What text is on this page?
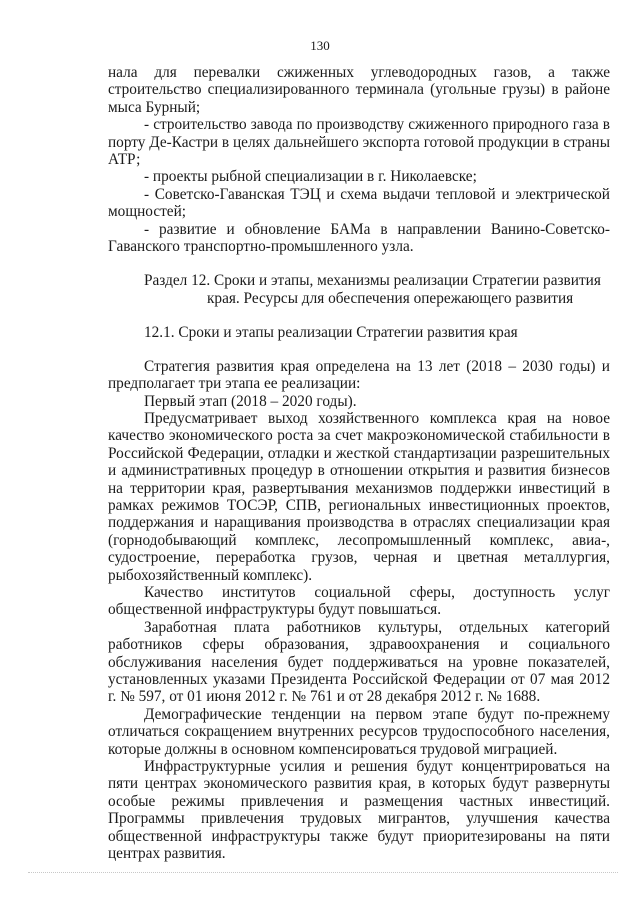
130

нала для перевалки сжиженных углеводородных газов, а также строительство специализированного терминала (угольные грузы) в районе мыса Бурный;

- строительство завода по производству сжиженного природного газа в порту Де-Кастри в целях дальнейшего экспорта готовой продукции в страны АТР;

- проекты рыбной специализации в г. Николаевске;

- Советско-Гаванская ТЭЦ и схема выдачи тепловой и электрической мощностей;

- развитие и обновление БАМа в направлении Ванино-Советско-Гаванского транспортно-промышленного узла.

Раздел 12. Сроки и этапы, механизмы реализации Стратегии развития
края. Ресурсы для обеспечения опережающего развития

12.1. Сроки и этапы реализации Стратегии развития края

Стратегия развития края определена на 13 лет (2018 – 2030 годы) и предполагает три этапа ее реализации:

Первый этап (2018 – 2020 годы).

Предусматривает выход хозяйственного комплекса края на новое качество экономического роста за счет макроэкономической стабильности в Российской Федерации, отладки и жесткой стандартизации разрешительных и административных процедур в отношении открытия и развития бизнесов на территории края, развертывания механизмов поддержки инвестиций в рамках режимов ТОСЭР, СПВ, региональных инвестиционных проектов, поддержания и наращивания производства в отраслях специализации края (горнодобывающий комплекс, лесопромышленный комплекс, авиа-, судостроение, переработка грузов, черная и цветная металлургия, рыбохозяйственный комплекс).

Качество институтов социальной сферы, доступность услуг общественной инфраструктуры будут повышаться.

Заработная плата работников культуры, отдельных категорий работников сферы образования, здравоохранения и социального обслуживания населения будет поддерживаться на уровне показателей, установленных указами Президента Российской Федерации от 07 мая 2012 г. № 597, от 01 июня 2012 г. № 761 и от 28 декабря 2012 г. № 1688.

Демографические тенденции на первом этапе будут по-прежнему отличаться сокращением внутренних ресурсов трудоспособного населения, которые должны в основном компенсироваться трудовой миграцией.

Инфраструктурные усилия и решения будут концентрироваться на пяти центрах экономического развития края, в которых будут развернуты особые режимы привлечения и размещения частных инвестиций. Программы привлечения трудовых мигрантов, улучшения качества общественной инфраструктуры также будут приоритезированы на пяти центрах развития.
